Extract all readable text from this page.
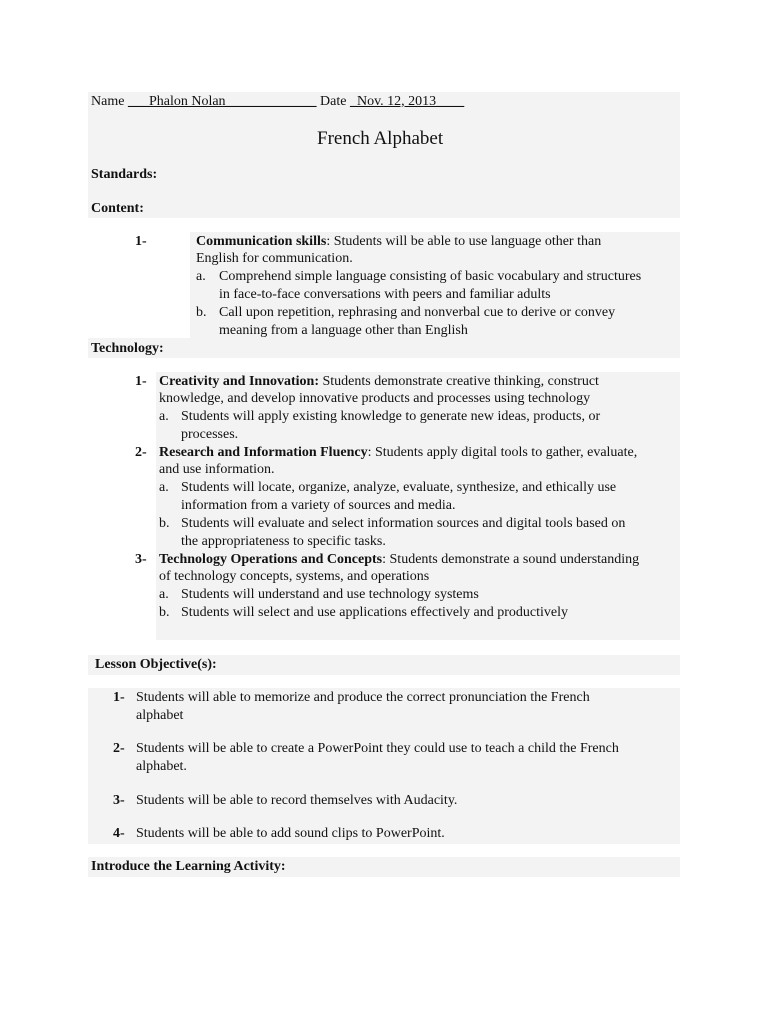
Name ___Phalon Nolan_____________ Date _Nov. 12, 2013____
French Alphabet
Standards:
Content:
1-	Communication skills: Students will be able to use language other than
English for communication.
a. Comprehend simple language consisting of basic vocabulary and structures
in face-to-face conversations with peers and familiar adults
b. Call upon repetition, rephrasing and nonverbal cue to derive or convey
meaning from a language other than English
Technology:
1- Creativity and Innovation: Students demonstrate creative thinking, construct
knowledge, and develop innovative products and processes using technology
a. Students will apply existing knowledge to generate new ideas, products, or
processes.
2- Research and Information Fluency: Students apply digital tools to gather, evaluate,
and use information.
a. Students will locate, organize, analyze, evaluate, synthesize, and ethically use
information from a variety of sources and media.
b. Students will evaluate and select information sources and digital tools based on
the appropriateness to specific tasks.
3- Technology Operations and Concepts: Students demonstrate a sound understanding
of technology concepts, systems, and operations
a. Students will understand and use technology systems
b. Students will select and use applications effectively and productively
Lesson Objective(s):
1- Students will able to memorize and produce the correct pronunciation the French
alphabet
2- Students will be able to create a PowerPoint they could use to teach a child the French
alphabet.
3- Students will be able to record themselves with Audacity.
4- Students will be able to add sound clips to PowerPoint.
Introduce the Learning Activity:
